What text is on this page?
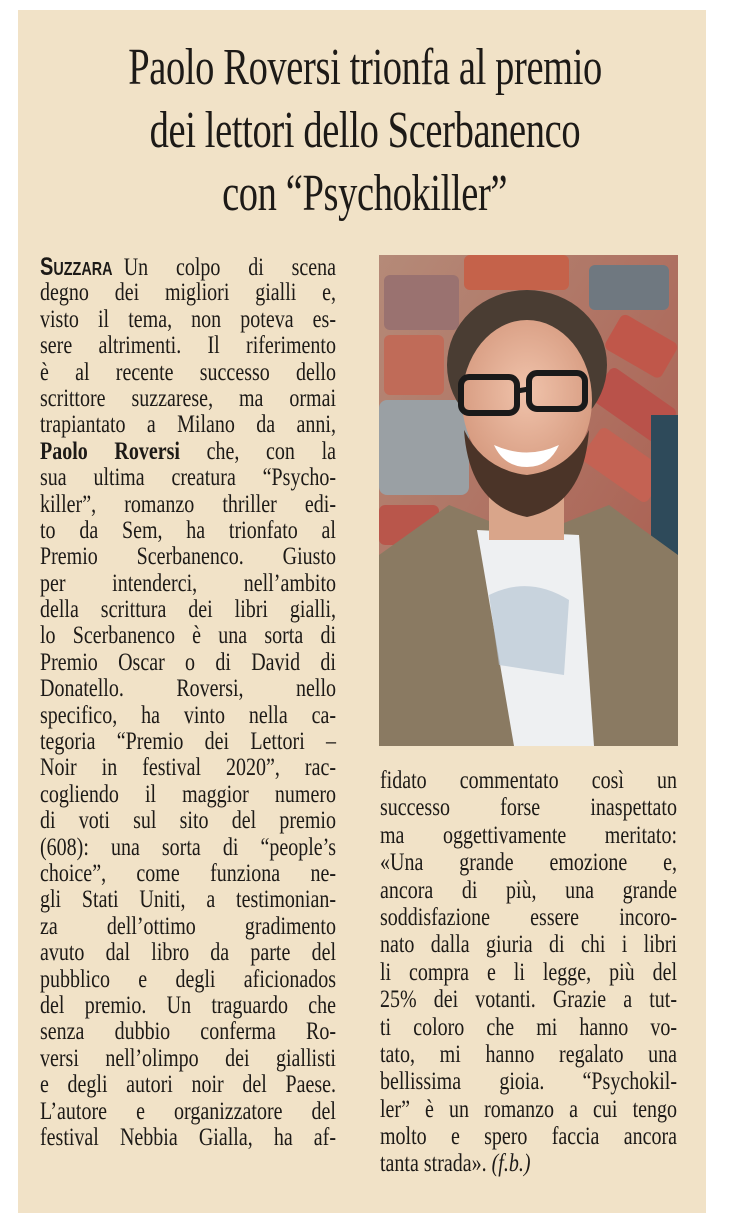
Paolo Roversi trionfa al premio
dei lettori dello Scerbanenco
con “Psychokiller”
Suzzara Un colpo di scena
degno dei migliori gialli e,
visto il tema, non poteva es-
sere altrimenti. Il riferimento
è al recente successo dello
scrittore suzzarese, ma ormai
trapiantato a Milano da anni,
Paolo Roversi che, con la
sua ultima creatura “Psycho-
killer”, romanzo thriller edi-
to da Sem, ha trionfato al
Premio Scerbanenco. Giusto
per intenderci, nell’ambito
della scrittura dei libri gialli,
lo Scerbanenco è una sorta di
Premio Oscar o di David di
Donatello. Roversi, nello
specifico, ha vinto nella ca-
tegoria “Premio dei Lettori –
Noir in festival 2020”, rac-
cogliendo il maggior numero
di voti sul sito del premio
(608): una sorta di “people’s
choice”, come funziona ne-
gli Stati Uniti, a testimonian-
za dell’ottimo gradimento
avuto dal libro da parte del
pubblico e degli aficionados
del premio. Un traguardo che
senza dubbio conferma Ro-
versi nell’olimpo dei giallisti
e degli autori noir del Paese.
L’autore e organizzatore del
festival Nebbia Gialla, ha af-
fidato commentato così un
successo forse inaspettato
ma oggettivamente meritato:
«Una grande emozione e,
ancora di più, una grande
soddisfazione essere incoro-
nato dalla giuria di chi i libri
li compra e li legge, più del
25% dei votanti. Grazie a tut-
ti coloro che mi hanno vo-
tato, mi hanno regalato una
bellissima gioia. “Psychokil-
ler” è un romanzo a cui tengo
molto e spero faccia ancora
tanta strada». (f.b.)
